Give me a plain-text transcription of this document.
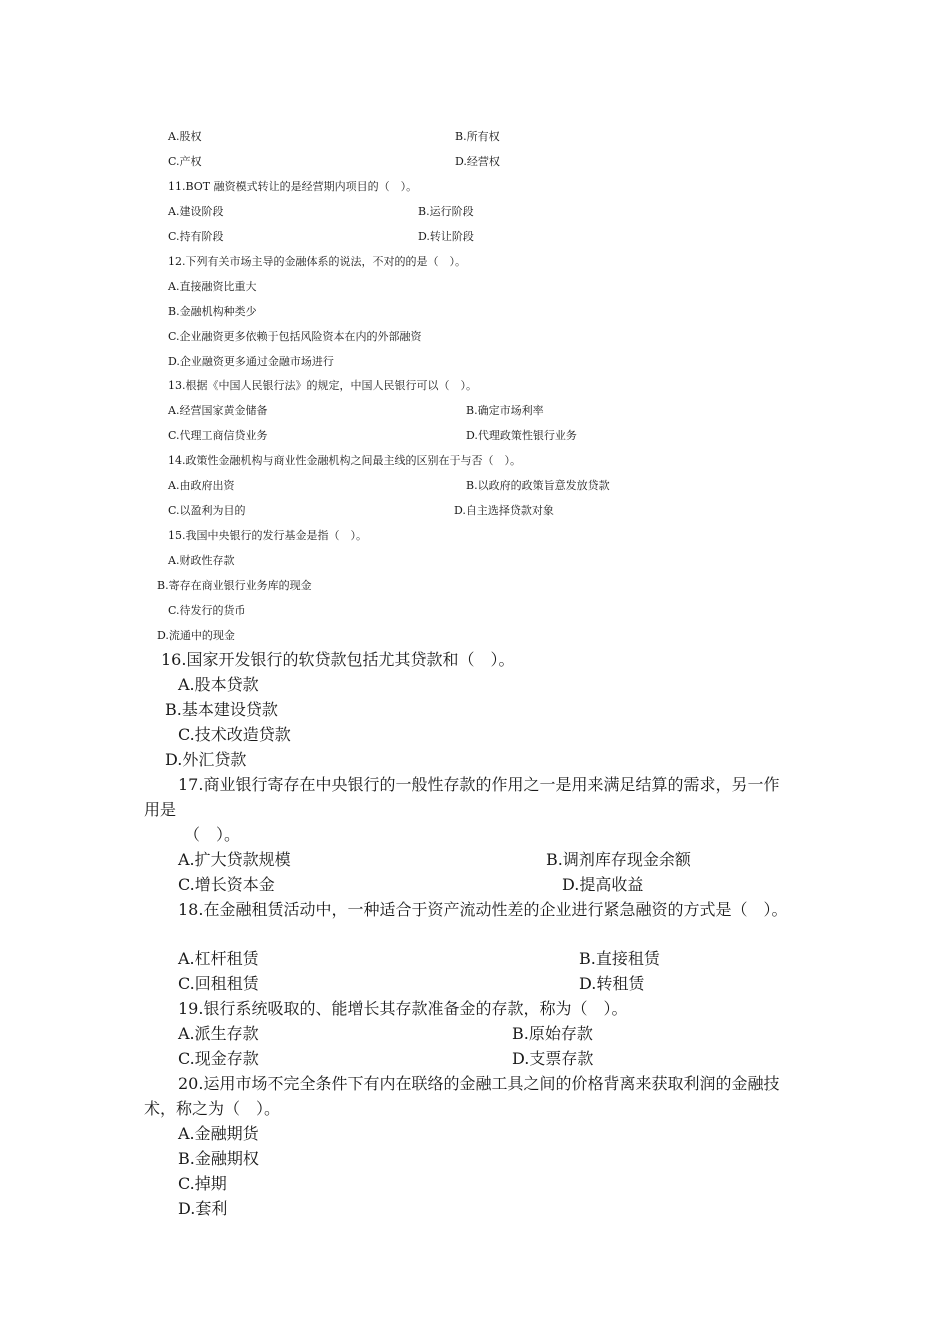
A.股权	B.所有权
C.产权	D.经营权
11.BOT 融资模式转让的是经营期内项目的（　）。
A.建设阶段	B.运行阶段
C.持有阶段	D.转让阶段
12.下列有关市场主导的金融体系的说法，不对的的是（　）。
A.直接融资比重大
B.金融机构种类少
C.企业融资更多依赖于包括风险资本在内的外部融资
D.企业融资更多通过金融市场进行
13.根据《中国人民银行法》的规定，中国人民银行可以（　）。
A.经营国家黄金储备	B.确定市场利率
C.代理工商信贷业务	D.代理政策性银行业务
14.政策性金融机构与商业性金融机构之间最主线的区别在于与否（　）。
A.由政府出资	B.以政府的政策旨意发放贷款
C.以盈利为目的	D.自主选择贷款对象
15.我国中央银行的发行基金是指（　）。
A.财政性存款
B.寄存在商业银行业务库的现金
C.待发行的货币
D.流通中的现金
16.国家开发银行的软贷款包括尤其贷款和（　）。
A.股本贷款
B.基本建设贷款
C.技术改造贷款
D.外汇贷款
17.商业银行寄存在中央银行的一般性存款的作用之一是用来满足结算的需求，另一作
用是
（　）。
A.扩大贷款规模	B.调剂库存现金余额
C.增长资本金	D.提高收益
18.在金融租赁活动中，一种适合于资产流动性差的企业进行紧急融资的方式是（　）。
A.杠杆租赁	B.直接租赁
C.回租租赁	D.转租赁
19.银行系统吸取的、能增长其存款准备金的存款，称为（　）。
A.派生存款	B.原始存款
C.现金存款	D.支票存款
20.运用市场不完全条件下有内在联络的金融工具之间的价格背离来获取利润的金融技
术，称之为（　）。
A.金融期货
B.金融期权
C.掉期
D.套利
